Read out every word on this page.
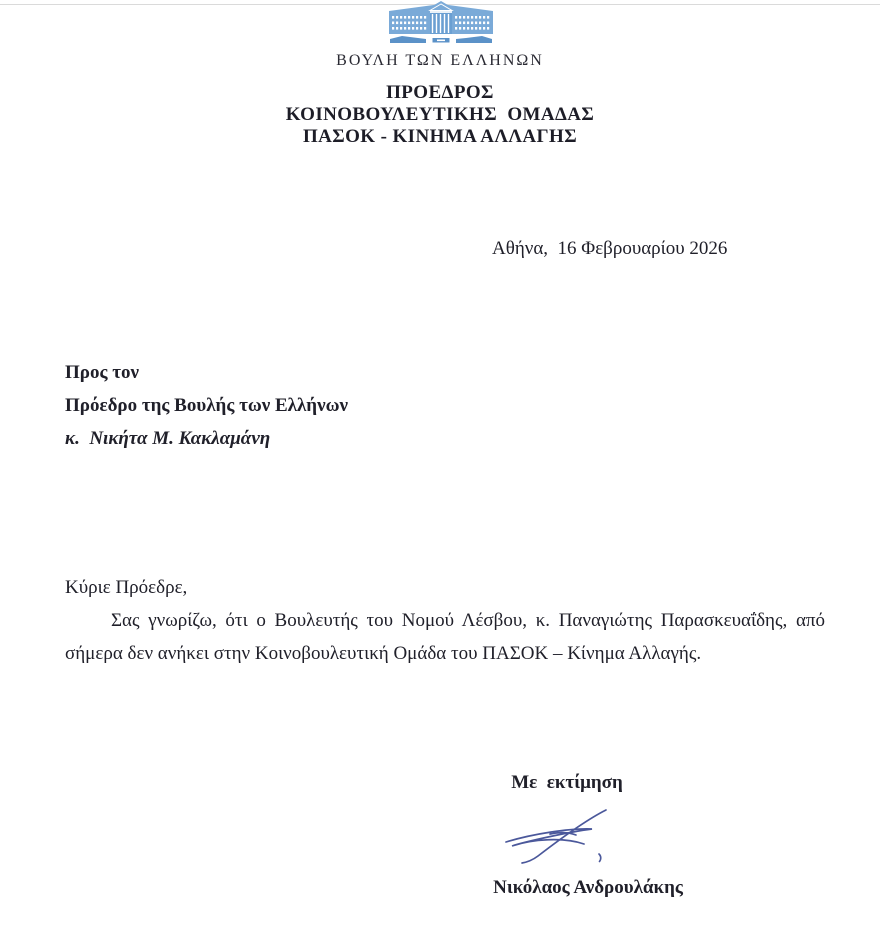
ΒΟΥΛΗ ΤΩΝ ΕΛΛΗΝΩΝ
ΠΡΟΕΔΡΟΣ
ΚΟΙΝΟΒΟΥΛΕΥΤΙΚΗΣ  ΟΜΑΔΑΣ
ΠΑΣΟΚ - ΚΙΝΗΜΑ ΑΛΛΑΓΗΣ
Αθήνα,  16 Φεβρουαρίου 2026
Προς τον
Πρόεδρο της Βουλής των Ελλήνων
κ.  Νικήτα Μ. Κακλαμάνη
Κύριε Πρόεδρε,
Σας γνωρίζω, ότι ο Βουλευτής του Νομού Λέσβου, κ. Παναγιώτης Παρασκευαΐδης, από σήμερα δεν ανήκει στην Κοινοβουλευτική Ομάδα του ΠΑΣΟΚ – Κίνημα Αλλαγής.
Με  εκτίμηση
Νικόλαος Ανδρουλάκης
